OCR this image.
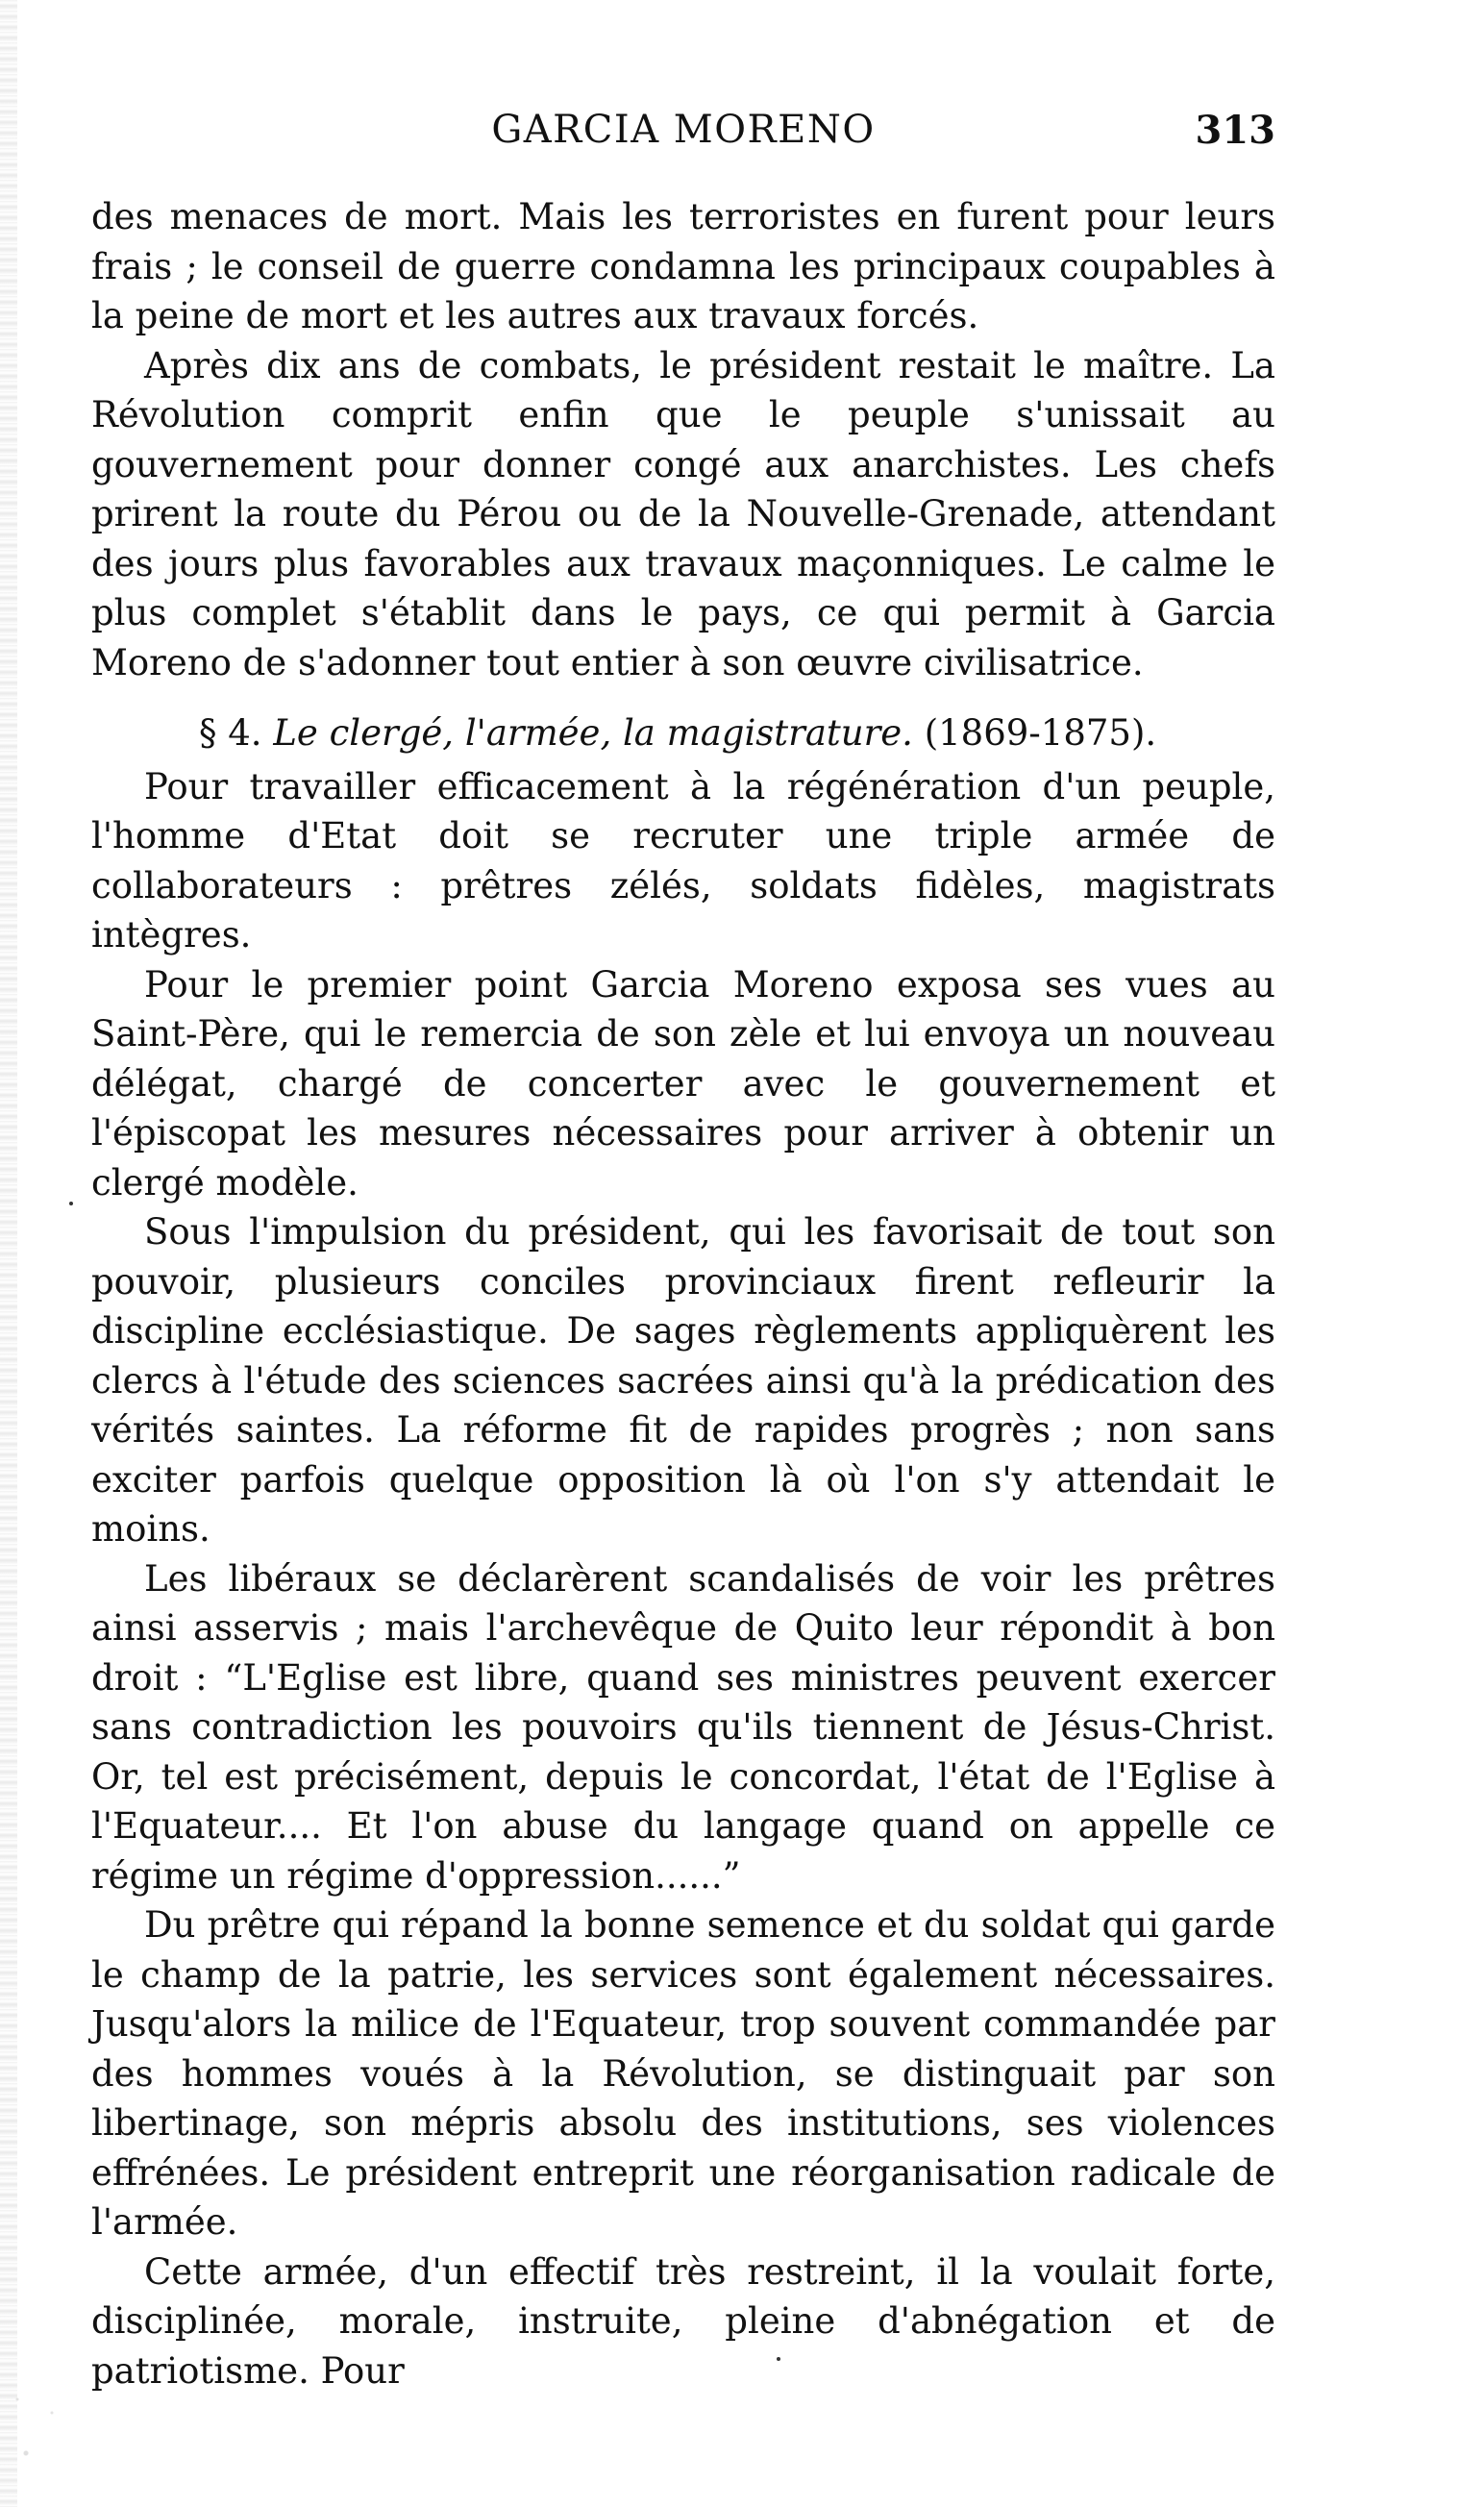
GARCIA MORENO	313

des menaces de mort. Mais les terroristes en furent pour leurs frais ; le conseil de guerre condamna les principaux coupables à la peine de mort et les autres aux travaux forcés.

Après dix ans de combats, le président restait le maître. La Révolution comprit enfin que le peuple s'unissait au gouvernement pour donner congé aux anarchistes. Les chefs prirent la route du Pérou ou de la Nouvelle-Grenade, attendant des jours plus favorables aux travaux maçonniques. Le calme le plus complet s'établit dans le pays, ce qui permit à Garcia Moreno de s'adonner tout entier à son œuvre civilisatrice.

§ 4. Le clergé, l'armée, la magistrature. (1869-1875).

Pour travailler efficacement à la régénération d'un peuple, l'homme d'Etat doit se recruter une triple armée de collaborateurs : prêtres zélés, soldats fidèles, magistrats intègres.

Pour le premier point Garcia Moreno exposa ses vues au Saint-Père, qui le remercia de son zèle et lui envoya un nouveau délégat, chargé de concerter avec le gouvernement et l'épiscopat les mesures nécessaires pour arriver à obtenir un clergé modèle.

Sous l'impulsion du président, qui les favorisait de tout son pouvoir, plusieurs conciles provinciaux firent refleurir la discipline ecclésiastique. De sages règlements appliquèrent les clercs à l'étude des sciences sacrées ainsi qu'à la prédication des vérités saintes. La réforme fit de rapides progrès ; non sans exciter parfois quelque opposition là où l'on s'y attendait le moins.

Les libéraux se déclarèrent scandalisés de voir les prêtres ainsi asservis ; mais l'archevêque de Quito leur répondit à bon droit : “L'Eglise est libre, quand ses ministres peuvent exercer sans contradiction les pouvoirs qu'ils tiennent de Jésus-Christ. Or, tel est précisément, depuis le concordat, l'état de l'Eglise à l'Equateur.... Et l'on abuse du langage quand on appelle ce régime un régime d'oppression......”

Du prêtre qui répand la bonne semence et du soldat qui garde le champ de la patrie, les services sont également nécessaires. Jusqu'alors la milice de l'Equateur, trop souvent commandée par des hommes voués à la Révolution, se distinguait par son libertinage, son mépris absolu des institutions, ses violences effrénées. Le président entreprit une réorganisation radicale de l'armée.

Cette armée, d'un effectif très restreint, il la voulait forte, disciplinée, morale, instruite, pleine d'abnégation et de patriotisme. Pour
